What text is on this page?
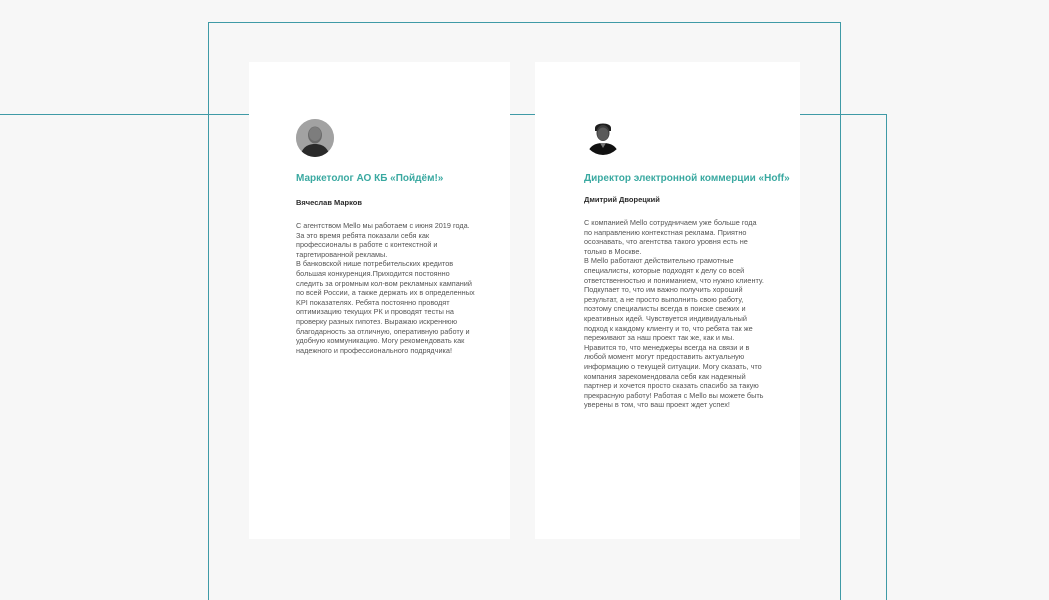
Маркетолог АО КБ «Пойдём!»
Вячеслав Марков

С агентством Mello мы работаем с июня 2019 года. За это время ребята показали себя как профессионалы в работе с контекстной и таргетированной рекламы.

В банковской нише потребительских кредитов большая конкуренция.Приходится постоянно следить за огромным кол-вом рекламных кампаний по всей России, а также держать их в определенных KPI показателях. Ребята постоянно проводят оптимизацию текущих РК и проводят тесты на проверку разных гипотез. Выражаю искреннюю благодарность за отличную, оперативную работу и удобную коммуникацию. Могу рекомендовать как надежного и профессионального подрядчика!

Директор электронной коммерции «Hoff»
Дмитрий Дворецкий

С компанией Mello сотрудничаем уже больше года по направлению контекстная реклама. Приятно осознавать, что агентства такого уровня есть не только в Москве.

В Mello работают действительно грамотные специалисты, которые подходят к делу со всей ответственностью и пониманием, что нужно клиенту. Подкупает то, что им важно получить хороший результат, а не просто выполнить свою работу, поэтому специалисты всегда в поиске свежих и креативных идей. Чувствуется индивидуальный подход к каждому клиенту и то, что ребята так же переживают за наш проект так же, как и мы. Нравится то, что менеджеры всегда на связи и в любой момент могут предоставить актуальную информацию о текущей ситуации. Могу сказать, что компания зарекомендовала себя как надежный партнер и хочется просто сказать спасибо за такую прекрасную работу! Работая с Mello вы можете быть уверены в том, что ваш проект ждет успех!
